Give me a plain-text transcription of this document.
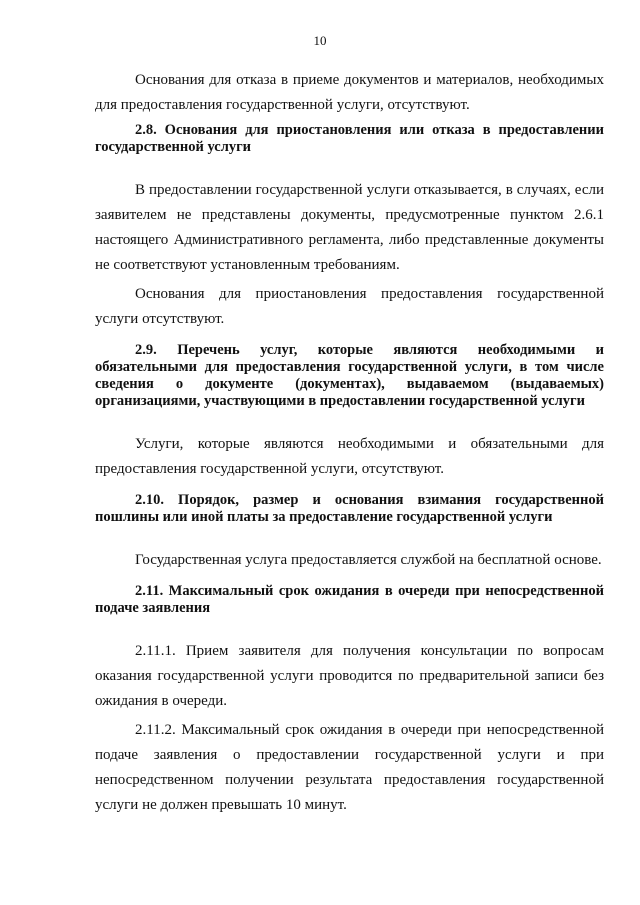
10

Основания для отказа в приеме документов и материалов, необходимых для предоставления государственной услуги, отсутствуют.

2.8. Основания для приостановления или отказа в предоставлении государственной услуги

В предоставлении государственной услуги отказывается, в случаях, если заявителем не представлены документы, предусмотренные пунктом 2.6.1 настоящего Административного регламента, либо представленные документы не соответствуют установленным требованиям.

Основания для приостановления предоставления государственной услуги отсутствуют.

2.9. Перечень услуг, которые являются необходимыми и обязательными для предоставления государственной услуги, в том числе сведения о документе (документах), выдаваемом (выдаваемых) организациями, участвующими в предоставлении государственной услуги

Услуги, которые являются необходимыми и обязательными для предоставления государственной услуги, отсутствуют.

2.10. Порядок, размер и основания взимания государственной пошлины или иной платы за предоставление государственной услуги

Государственная услуга предоставляется службой на бесплатной основе.

2.11. Максимальный срок ожидания в очереди при непосредственной подаче заявления

2.11.1. Прием заявителя для получения консультации по вопросам оказания государственной услуги проводится по предварительной записи без ожидания в очереди.

2.11.2. Максимальный срок ожидания в очереди при непосредственной подаче заявления о предоставлении государственной услуги и при непосредственном получении результата предоставления государственной услуги не должен превышать 10 минут.
